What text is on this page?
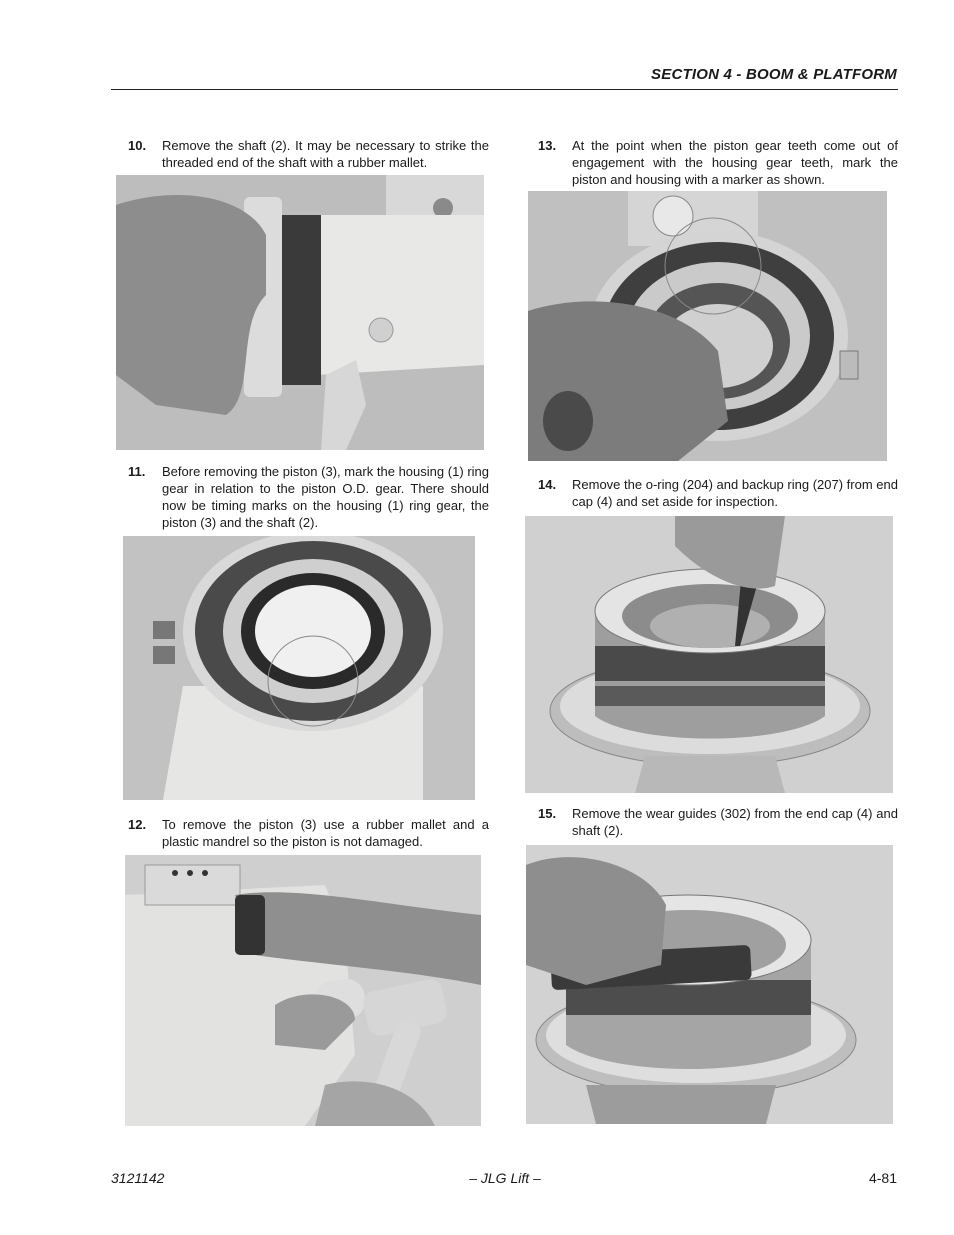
SECTION 4 - BOOM & PLATFORM
10. Remove the shaft (2). It may be necessary to strike the threaded end of the shaft with a rubber mallet.
11. Before removing the piston (3), mark the housing (1) ring gear in relation to the piston O.D. gear. There should now be timing marks on the housing (1) ring gear, the piston (3) and the shaft (2).
12. To remove the piston (3) use a rubber mallet and a plastic mandrel so the piston is not damaged.
13. At the point when the piston gear teeth come out of engagement with the housing gear teeth, mark the piston and housing with a marker as shown.
14. Remove the o-ring (204) and backup ring (207) from end cap (4) and set aside for inspection.
15. Remove the wear guides (302) from the end cap (4) and shaft (2).
3121142	– JLG Lift –	4-81
